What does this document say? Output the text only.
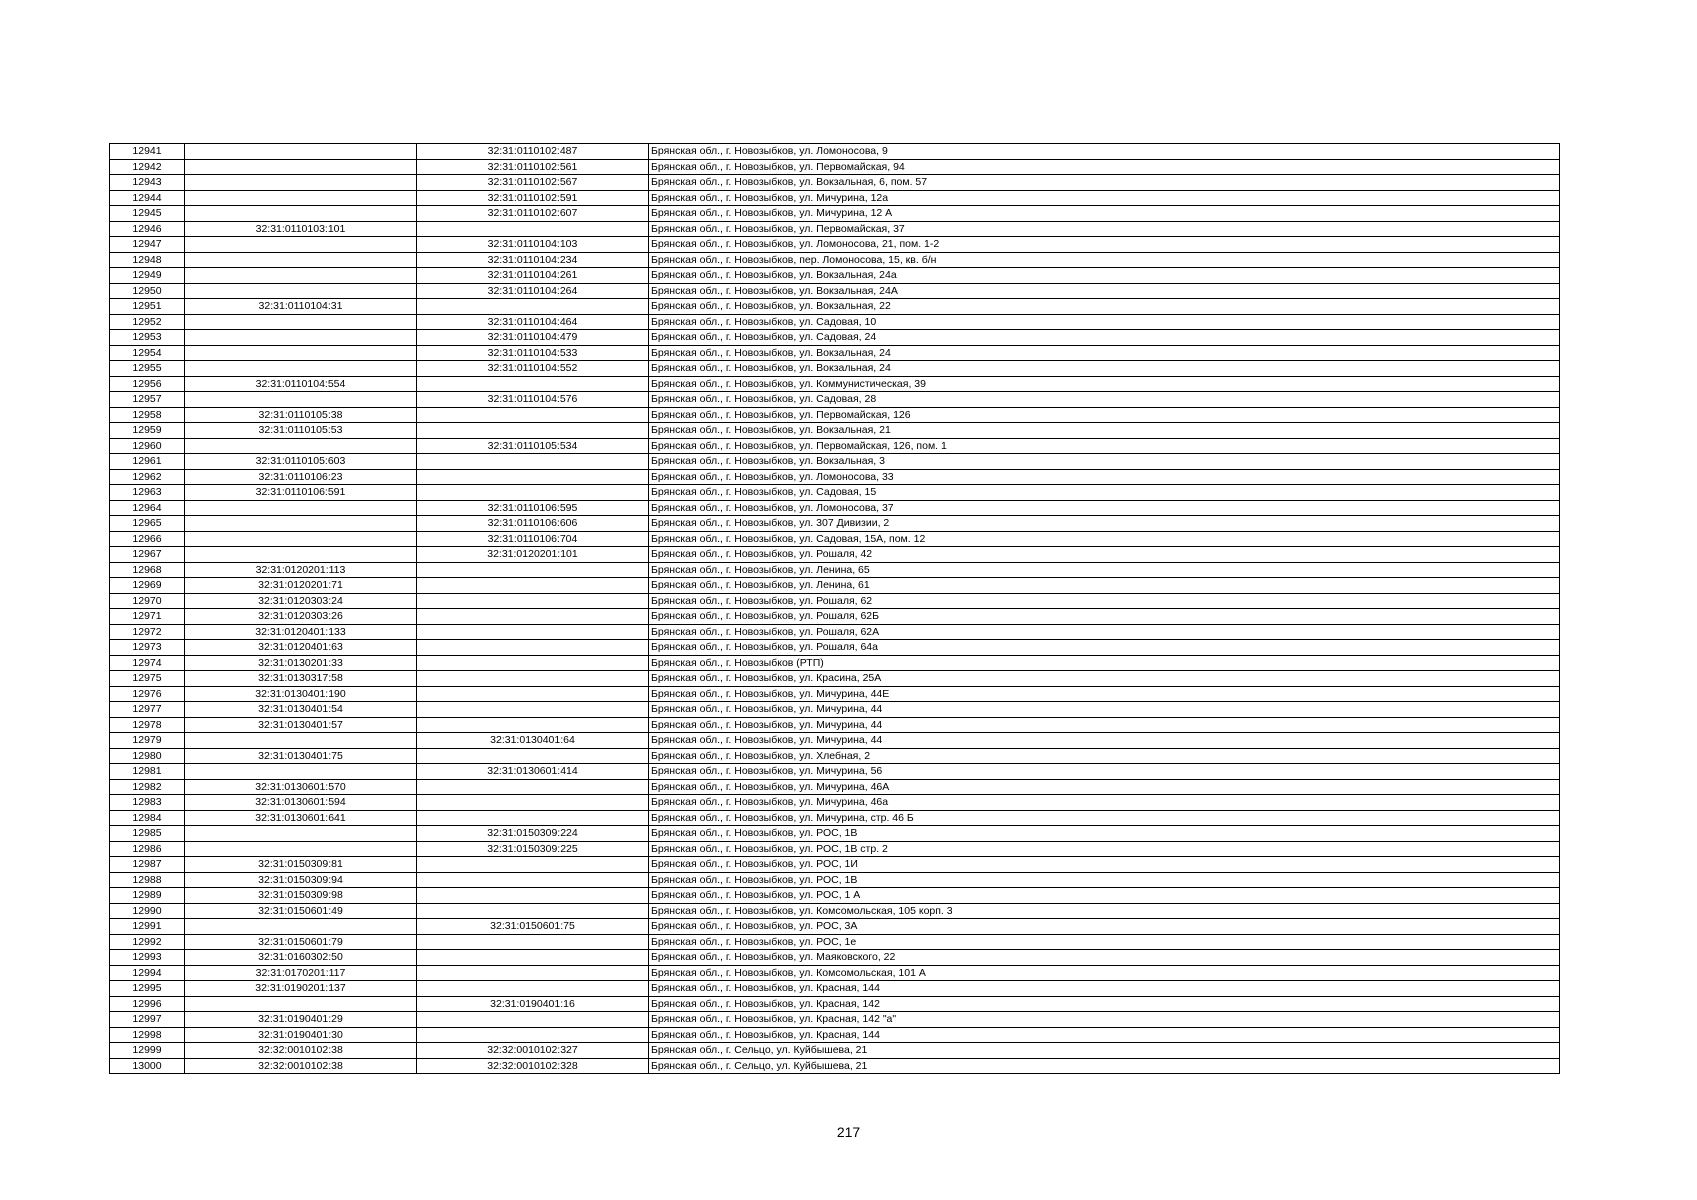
12941		32:31:0110102:487	Брянская обл., г. Новозыбков, ул. Ломоносова, 9
12942		32:31:0110102:561	Брянская обл., г. Новозыбков, ул. Первомайская, 94
12943		32:31:0110102:567	Брянская обл., г. Новозыбков, ул. Вокзальная, 6, пом. 57
12944		32:31:0110102:591	Брянская обл., г. Новозыбков, ул. Мичурина, 12а
12945		32:31:0110102:607	Брянская обл., г. Новозыбков, ул. Мичурина, 12 А
12946	32:31:0110103:101		Брянская обл., г. Новозыбков, ул. Первомайская, 37
12947		32:31:0110104:103	Брянская обл., г. Новозыбков, ул. Ломоносова, 21, пом. 1-2
12948		32:31:0110104:234	Брянская обл., г. Новозыбков, пер. Ломоносова, 15, кв. б/н
12949		32:31:0110104:261	Брянская обл., г. Новозыбков, ул. Вокзальная, 24а
12950		32:31:0110104:264	Брянская обл., г. Новозыбков, ул. Вокзальная, 24А
12951	32:31:0110104:31		Брянская обл., г. Новозыбков, ул. Вокзальная, 22
12952		32:31:0110104:464	Брянская обл., г. Новозыбков, ул. Садовая, 10
12953		32:31:0110104:479	Брянская обл., г. Новозыбков, ул. Садовая, 24
12954		32:31:0110104:533	Брянская обл., г. Новозыбков, ул. Вокзальная, 24
12955		32:31:0110104:552	Брянская обл., г. Новозыбков, ул. Вокзальная, 24
12956	32:31:0110104:554		Брянская обл., г. Новозыбков, ул. Коммунистическая, 39
12957		32:31:0110104:576	Брянская обл., г. Новозыбков, ул. Садовая, 28
12958	32:31:0110105:38		Брянская обл., г. Новозыбков, ул. Первомайская, 126
12959	32:31:0110105:53		Брянская обл., г. Новозыбков, ул. Вокзальная, 21
12960		32:31:0110105:534	Брянская обл., г. Новозыбков, ул. Первомайская, 126, пом. 1
12961	32:31:0110105:603		Брянская обл., г. Новозыбков, ул. Вокзальная, 3
12962	32:31:0110106:23		Брянская обл., г. Новозыбков, ул. Ломоносова, 33
12963	32:31:0110106:591		Брянская обл., г. Новозыбков, ул. Садовая, 15
12964		32:31:0110106:595	Брянская обл., г. Новозыбков, ул. Ломоносова, 37
12965		32:31:0110106:606	Брянская обл., г. Новозыбков, ул. 307 Дивизии, 2
12966		32:31:0110106:704	Брянская обл., г. Новозыбков, ул. Садовая, 15А, пом. 12
12967		32:31:0120201:101	Брянская обл., г. Новозыбков, ул. Рошаля, 42
12968	32:31:0120201:113		Брянская обл., г. Новозыбков, ул. Ленина, 65
12969	32:31:0120201:71		Брянская обл., г. Новозыбков, ул. Ленина, 61
12970	32:31:0120303:24		Брянская обл., г. Новозыбков, ул. Рошаля, 62
12971	32:31:0120303:26		Брянская обл., г. Новозыбков, ул. Рошаля, 62Б
12972	32:31:0120401:133		Брянская обл., г. Новозыбков, ул. Рошаля, 62А
12973	32:31:0120401:63		Брянская обл., г. Новозыбков, ул. Рошаля, 64а
12974	32:31:0130201:33		Брянская обл., г. Новозыбков (РТП)
12975	32:31:0130317:58		Брянская обл., г. Новозыбков, ул. Красина, 25А
12976	32:31:0130401:190		Брянская обл., г. Новозыбков, ул. Мичурина, 44Е
12977	32:31:0130401:54		Брянская обл., г. Новозыбков, ул. Мичурина, 44
12978	32:31:0130401:57		Брянская обл., г. Новозыбков, ул. Мичурина, 44
12979		32:31:0130401:64	Брянская обл., г. Новозыбков, ул. Мичурина, 44
12980	32:31:0130401:75		Брянская обл., г. Новозыбков, ул. Хлебная, 2
12981		32:31:0130601:414	Брянская обл., г. Новозыбков, ул. Мичурина, 56
12982	32:31:0130601:570		Брянская обл., г. Новозыбков, ул. Мичурина, 46А
12983	32:31:0130601:594		Брянская обл., г. Новозыбков, ул. Мичурина, 46а
12984	32:31:0130601:641		Брянская обл., г. Новозыбков, ул. Мичурина, стр. 46 Б
12985		32:31:0150309:224	Брянская обл., г. Новозыбков, ул. РОС, 1В
12986		32:31:0150309:225	Брянская обл., г. Новозыбков, ул. РОС, 1В стр. 2
12987	32:31:0150309:81		Брянская обл., г. Новозыбков, ул. РОС, 1И
12988	32:31:0150309:94		Брянская обл., г. Новозыбков, ул. РОС, 1В
12989	32:31:0150309:98		Брянская обл., г. Новозыбков, ул. РОС, 1 А
12990	32:31:0150601:49		Брянская обл., г. Новозыбков, ул. Комсомольская, 105 корп. 3
12991		32:31:0150601:75	Брянская обл., г. Новозыбков, ул. РОС, 3А
12992	32:31:0150601:79		Брянская обл., г. Новозыбков, ул. РОС, 1е
12993	32:31:0160302:50		Брянская обл., г. Новозыбков, ул. Маяковского, 22
12994	32:31:0170201:117		Брянская обл., г. Новозыбков, ул. Комсомольская, 101 А
12995	32:31:0190201:137		Брянская обл., г. Новозыбков, ул. Красная, 144
12996		32:31:0190401:16	Брянская обл., г. Новозыбков, ул. Красная, 142
12997	32:31:0190401:29		Брянская обл., г. Новозыбков, ул. Красная, 142 "а"
12998	32:31:0190401:30		Брянская обл., г. Новозыбков, ул. Красная, 144
12999	32:32:0010102:38	32:32:0010102:327	Брянская обл., г. Сельцо, ул. Куйбышева, 21
13000	32:32:0010102:38	32:32:0010102:328	Брянская обл., г. Сельцо, ул. Куйбышева, 21
217
